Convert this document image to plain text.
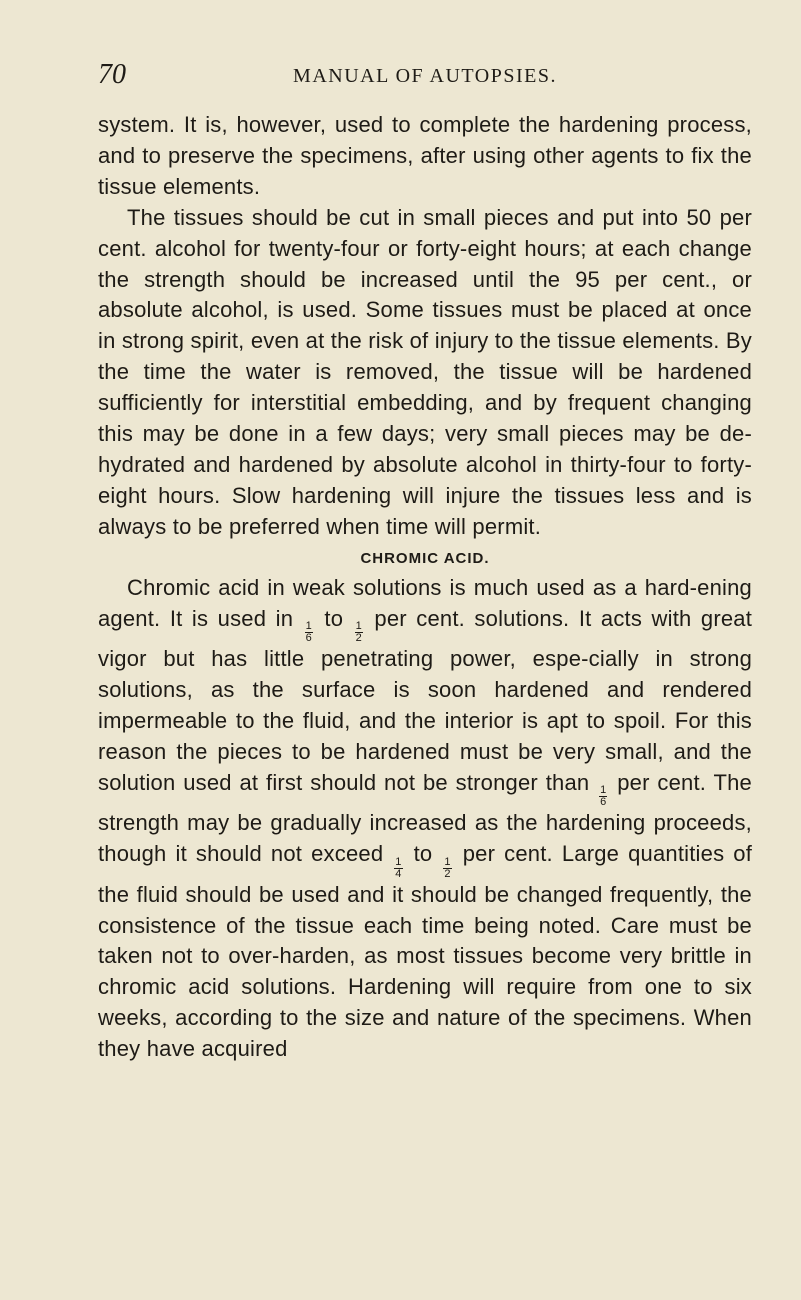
70	MANUAL OF AUTOPSIES.

system. It is, however, used to complete the hardening process, and to preserve the specimens, after using other agents to fix the tissue elements.

The tissues should be cut in small pieces and put into 50 per cent. alcohol for twenty-four or forty-eight hours; at each change the strength should be increased until the 95 per cent., or absolute alcohol, is used. Some tissues must be placed at once in strong spirit, even at the risk of injury to the tissue elements. By the time the water is removed, the tissue will be hardened sufficiently for interstitial embedding, and by frequent changing this may be done in a few days; very small pieces may be de-hydrated and hardened by absolute alcohol in thirty-four to forty-eight hours. Slow hardening will injure the tissues less and is always to be preferred when time will permit.

CHROMIC ACID.

Chromic acid in weak solutions is much used as a hard-ening agent. It is used in
$\frac{1}{6}$
to
$\frac{1}{2}$
per cent. solutions. It acts with great vigor but has little penetrating power, espe-cially in strong solutions, as the surface is soon hardened and rendered impermeable to the fluid, and the interior is apt to spoil. For this reason the pieces to be hardened must be very small, and the solution used at first should not be stronger than
$\frac{1}{6}$
per cent. The strength may be gradually increased as the hardening proceeds, though it should not exceed
$\frac{1}{4}$
to
$\frac{1}{2}$
per cent. Large quantities of the fluid should be used and it should be changed frequently, the consistence of the tissue each time being noted. Care must be taken not to over-harden, as most tissues become very brittle in chromic acid solutions. Hardening will require from one to six weeks, according to the size and nature of the specimens. When they have acquired
